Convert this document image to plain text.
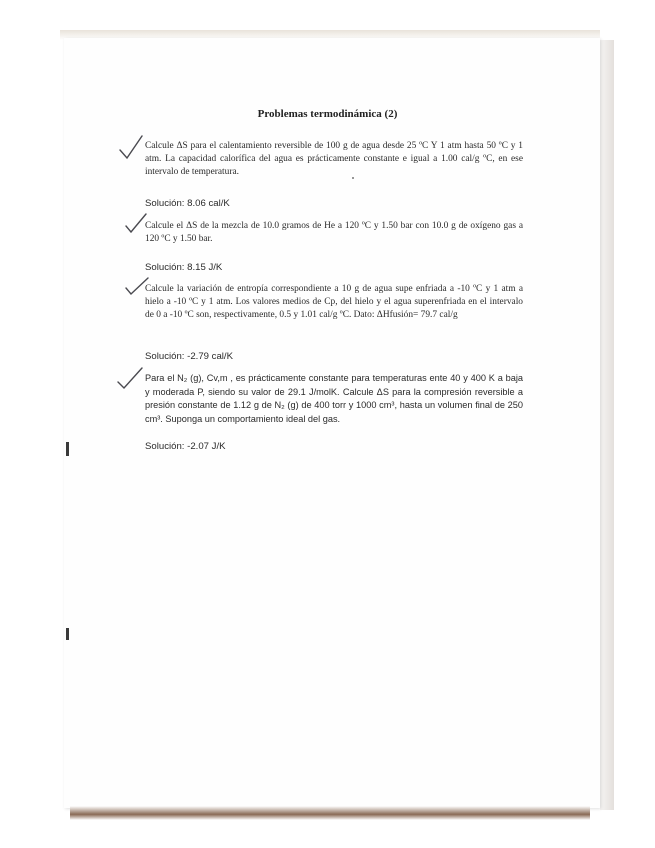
Problemas termodinámica (2)
Calcule ΔS para el calentamiento reversible de 100 g de agua desde 25 ºC Y 1 atm hasta 50 ºC y 1 atm. La capacidad calorífica del agua es prácticamente constante e igual a 1.00 cal/g ºC, en ese intervalo de temperatura.
Solución: 8.06 cal/K
Calcule el ΔS de la mezcla de 10.0 gramos de He a 120 ºC y 1.50 bar con 10.0 g de oxígeno gas a 120 ºC y 1.50 bar.
Solución: 8.15 J/K
Calcule la variación de entropía correspondiente a 10 g de agua supe enfriada a -10 ºC y 1 atm a hielo a -10 ºC y 1 atm. Los valores medios de Cp, del hielo y el agua superenfriada en el intervalo de 0 a -10 ºC son, respectivamente, 0.5 y 1.01 cal/g ºC. Dato: ΔHfusión= 79.7 cal/g
Solución: -2.79 cal/K
Para el N₂ (g), Cv,m , es prácticamente constante para temperaturas ente 40 y 400 K a baja y moderada P, siendo su valor de 29.1 J/molK. Calcule ΔS para la compresión reversible a presión constante de 1.12 g de N₂ (g) de 400 torr y 1000 cm³, hasta un volumen final de 250 cm³. Suponga un comportamiento ideal del gas.
Solución: -2.07 J/K
